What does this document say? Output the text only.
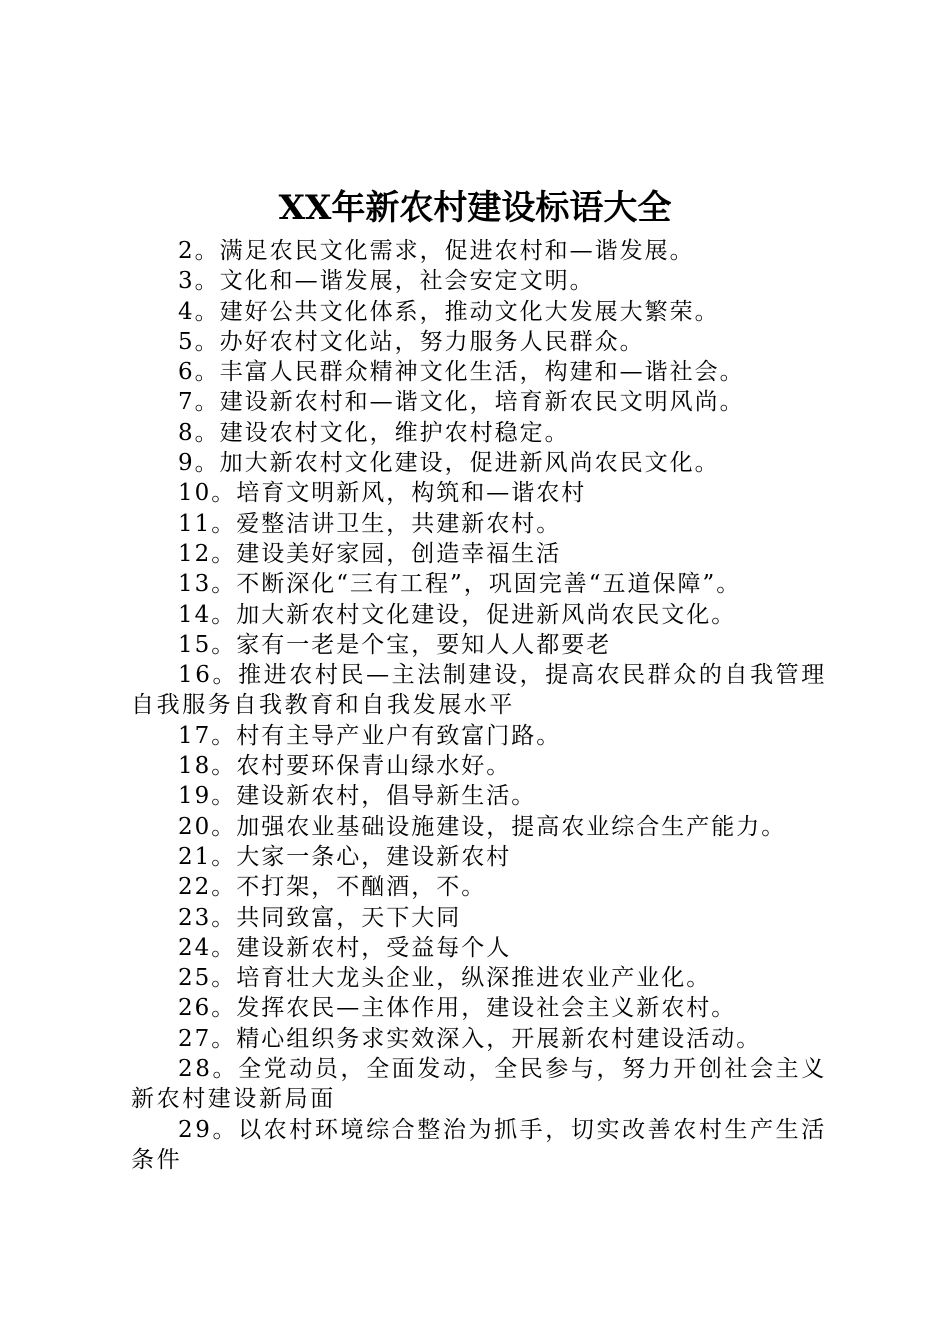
XX年新农村建设标语大全

2。满足农民文化需求，促进农村和—谐发展。

3。文化和—谐发展，社会安定文明。

4。建好公共文化体系，推动文化大发展大繁荣。

5。办好农村文化站，努力服务人民群众。

6。丰富人民群众精神文化生活，构建和—谐社会。

7。建设新农村和—谐文化，培育新农民文明风尚。

8。建设农村文化，维护农村稳定。

9。加大新农村文化建设，促进新风尚农民文化。

10。培育文明新风，构筑和—谐农村

11。爱整洁讲卫生，共建新农村。

12。建设美好家园，创造幸福生活

13。不断深化“三有工程”，巩固完善“五道保障”。

14。加大新农村文化建设，促进新风尚农民文化。

15。家有一老是个宝，要知人人都要老

16。推进农村民—主法制建设，提高农民群众的自我管理自我服务自我教育和自我发展水平

17。村有主导产业户有致富门路。

18。农村要环保青山绿水好。

19。建设新农村，倡导新生活。

20。加强农业基础设施建设，提高农业综合生产能力。

21。大家一条心，建设新农村

22。不打架，不酗酒，不。

23。共同致富，天下大同

24。建设新农村，受益每个人

25。培育壮大龙头企业，纵深推进农业产业化。

26。发挥农民—主体作用，建设社会主义新农村。

27。精心组织务求实效深入，开展新农村建设活动。

28。全党动员，全面发动，全民参与，努力开创社会主义新农村建设新局面

29。以农村环境综合整治为抓手，切实改善农村生产生活条件
